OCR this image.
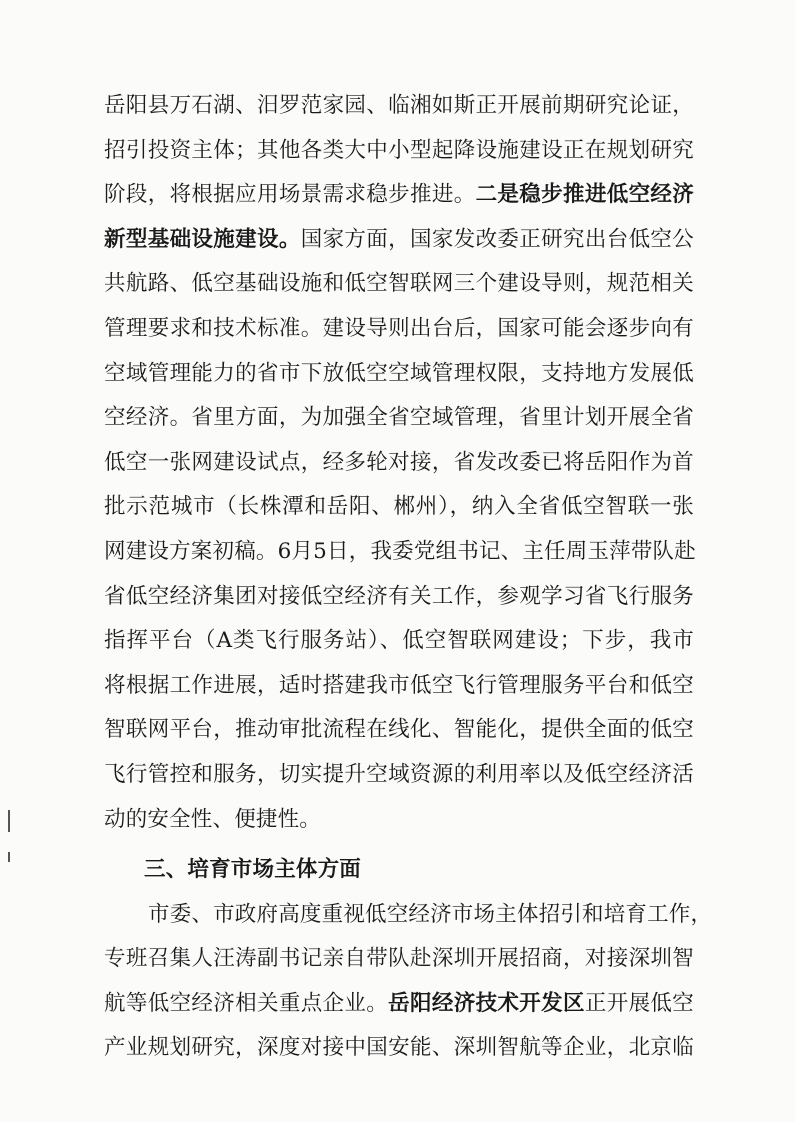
岳阳县万石湖、汨罗范家园、临湘如斯正开展前期研究论证，
招引投资主体；其他各类大中小型起降设施建设正在规划研究
阶段，将根据应用场景需求稳步推进。二是稳步推进低空经济
新型基础设施建设。国家方面，国家发改委正研究出台低空公
共航路、低空基础设施和低空智联网三个建设导则，规范相关
管理要求和技术标准。建设导则出台后，国家可能会逐步向有
空域管理能力的省市下放低空空域管理权限，支持地方发展低
空经济。省里方面，为加强全省空域管理，省里计划开展全省
低空一张网建设试点，经多轮对接，省发改委已将岳阳作为首
批示范城市（长株潭和岳阳、郴州），纳入全省低空智联一张
网建设方案初稿。6月5日，我委党组书记、主任周玉萍带队赴
省低空经济集团对接低空经济有关工作，参观学习省飞行服务
指挥平台（A类飞行服务站）、低空智联网建设；下步，我市
将根据工作进展，适时搭建我市低空飞行管理服务平台和低空
智联网平台，推动审批流程在线化、智能化，提供全面的低空
飞行管控和服务，切实提升空域资源的利用率以及低空经济活
动的安全性、便捷性。
三、培育市场主体方面
市委、市政府高度重视低空经济市场主体招引和培育工作，
专班召集人汪涛副书记亲自带队赴深圳开展招商，对接深圳智
航等低空经济相关重点企业。岳阳经济技术开发区正开展低空
产业规划研究，深度对接中国安能、深圳智航等企业，北京临
